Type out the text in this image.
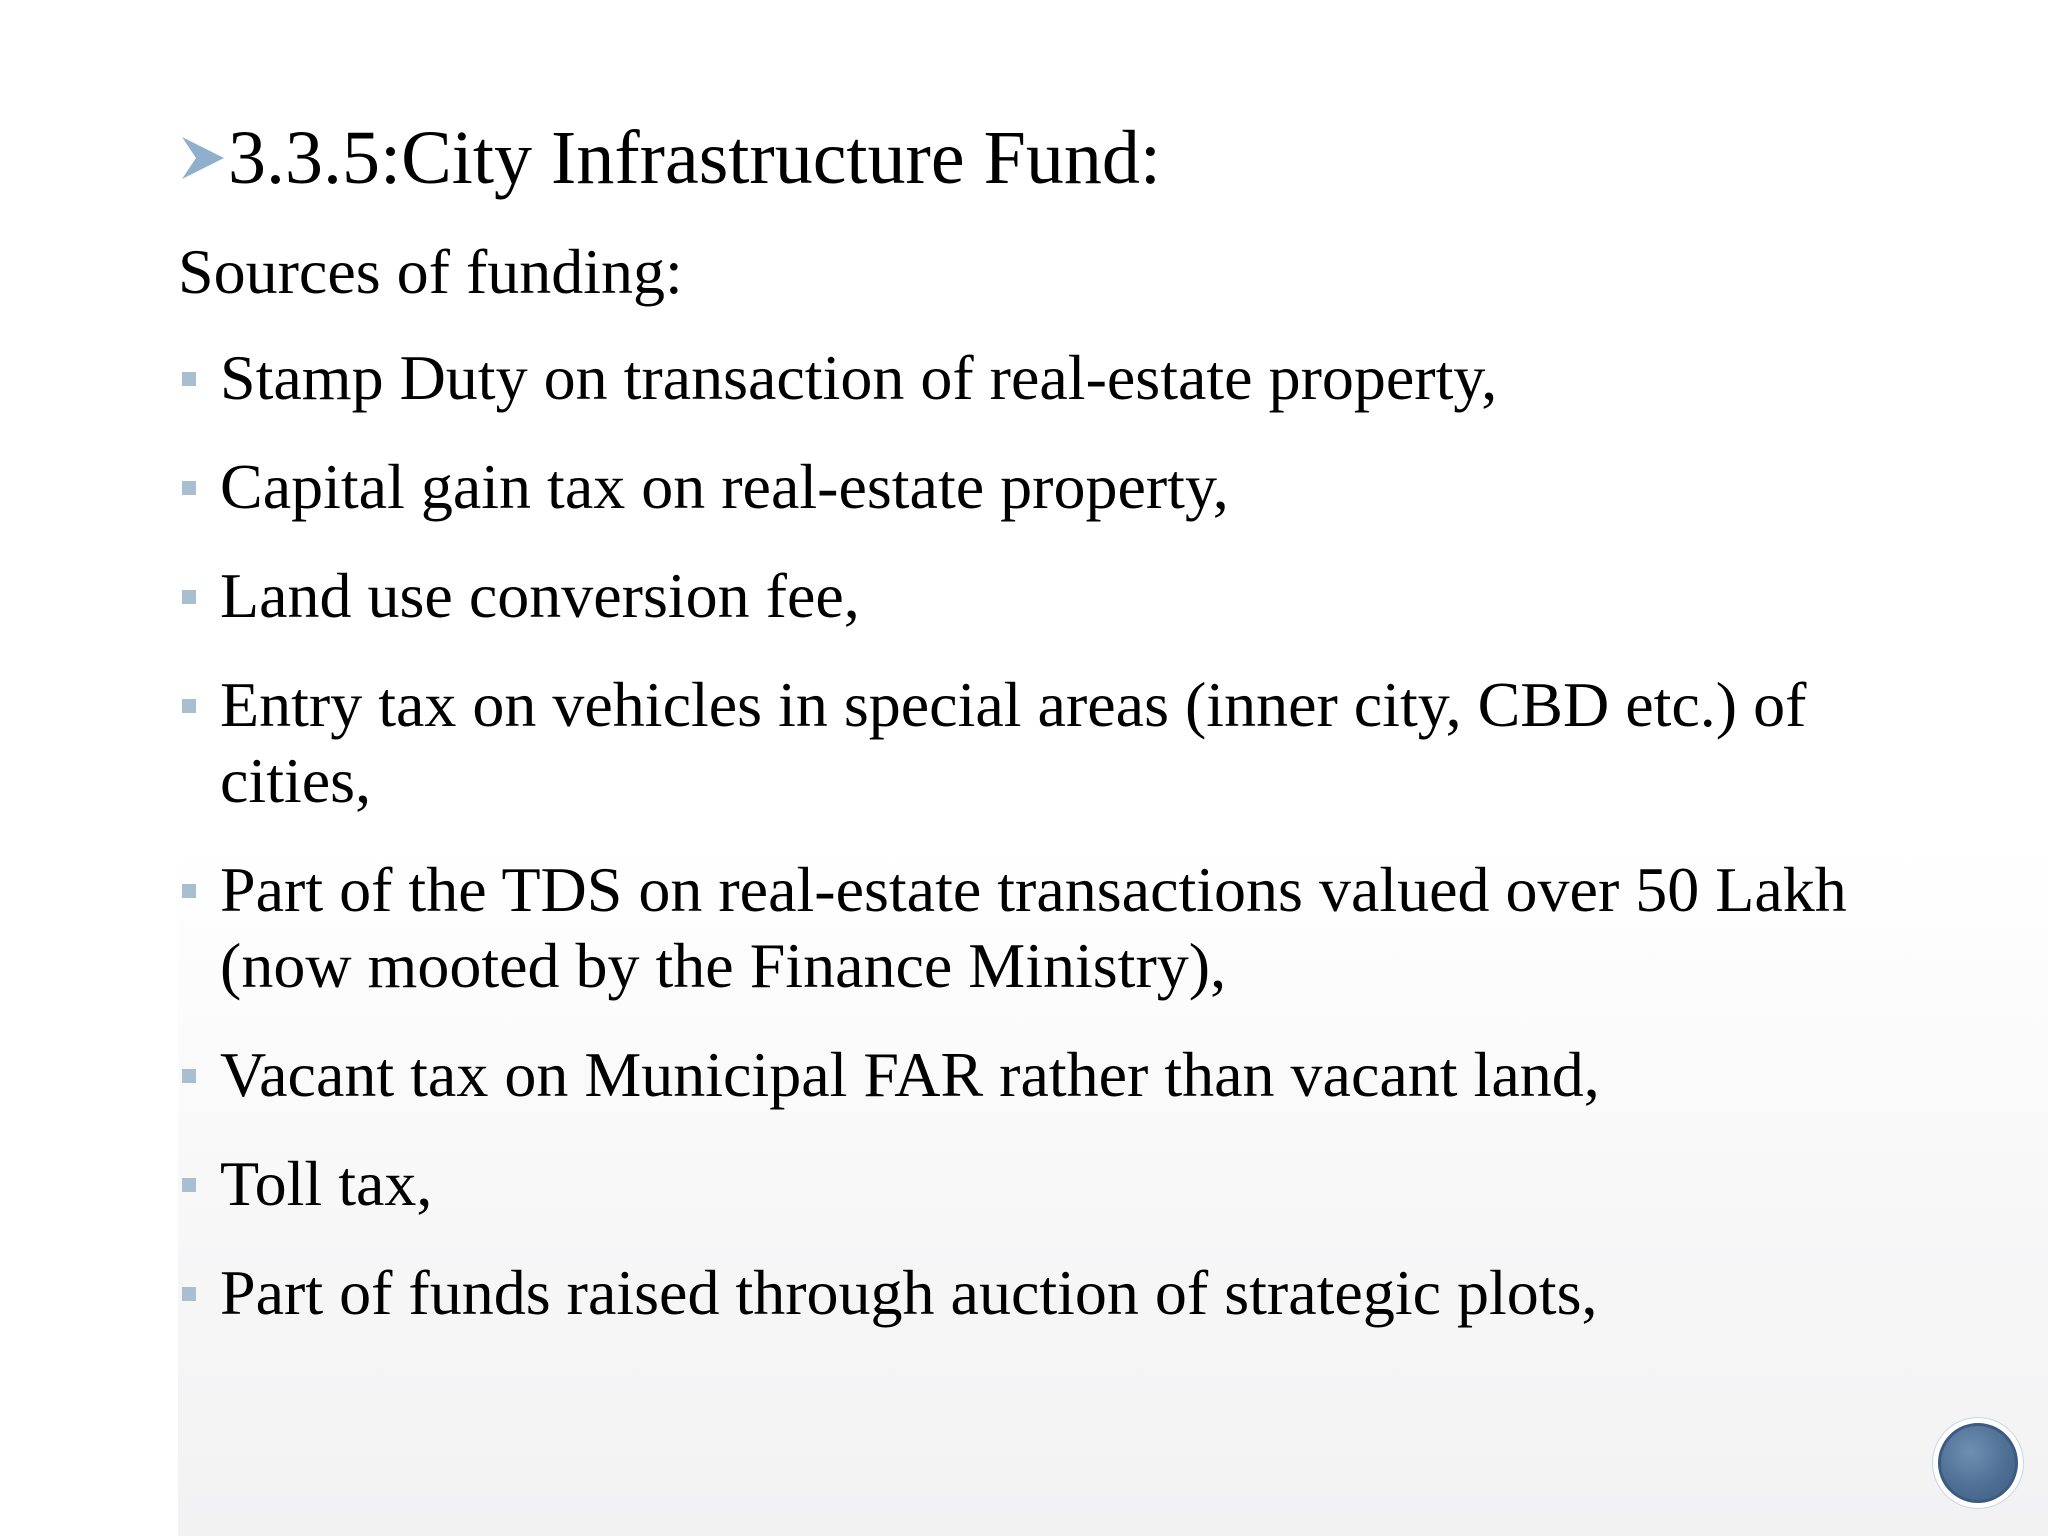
3.3.5:City Infrastructure Fund:
Sources of funding:
Stamp Duty on transaction of real-estate property,
Capital gain tax on real-estate property,
Land use conversion fee,
Entry tax on vehicles in special areas (inner city, CBD etc.) of cities,
Part of the TDS on real-estate transactions valued over 50 Lakh (now mooted by the Finance Ministry),
Vacant tax on Municipal FAR rather than vacant land,
Toll tax,
Part of funds raised through auction of strategic plots,
